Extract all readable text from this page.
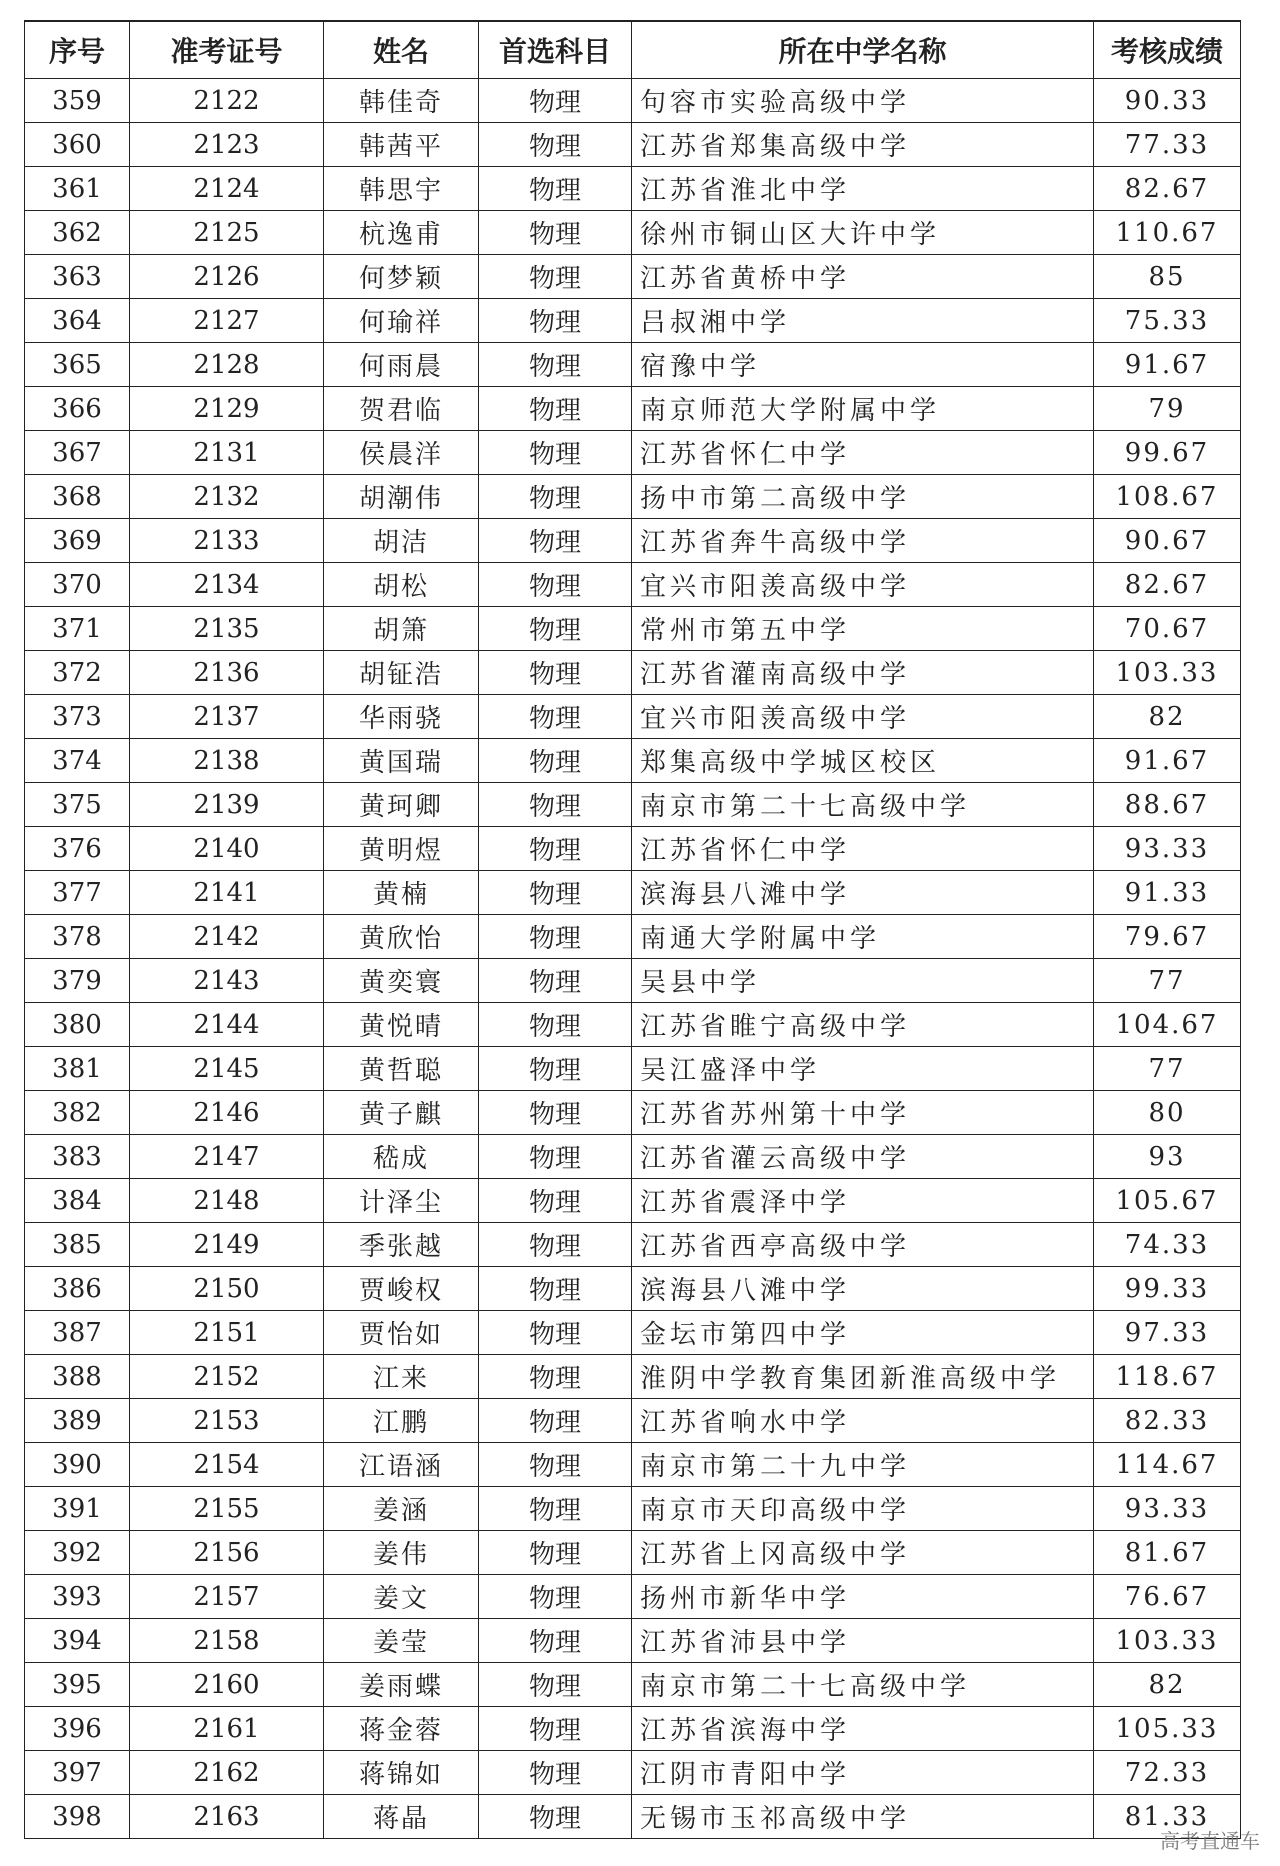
序号	准考证号	姓名	首选科目	所在中学名称	考核成绩
359	2122	韩佳奇	物理	句容市实验高级中学	90.33
360	2123	韩茜平	物理	江苏省郑集高级中学	77.33
361	2124	韩思宇	物理	江苏省淮北中学	82.67
362	2125	杭逸甫	物理	徐州市铜山区大许中学	110.67
363	2126	何梦颖	物理	江苏省黄桥中学	85
364	2127	何瑜祥	物理	吕叔湘中学	75.33
365	2128	何雨晨	物理	宿豫中学	91.67
366	2129	贺君临	物理	南京师范大学附属中学	79
367	2131	侯晨洋	物理	江苏省怀仁中学	99.67
368	2132	胡潮伟	物理	扬中市第二高级中学	108.67
369	2133	胡洁	物理	江苏省奔牛高级中学	90.67
370	2134	胡松	物理	宜兴市阳羡高级中学	82.67
371	2135	胡箫	物理	常州市第五中学	70.67
372	2136	胡钲浩	物理	江苏省灌南高级中学	103.33
373	2137	华雨骁	物理	宜兴市阳羡高级中学	82
374	2138	黄国瑞	物理	郑集高级中学城区校区	91.67
375	2139	黄珂卿	物理	南京市第二十七高级中学	88.67
376	2140	黄明煜	物理	江苏省怀仁中学	93.33
377	2141	黄楠	物理	滨海县八滩中学	91.33
378	2142	黄欣怡	物理	南通大学附属中学	79.67
379	2143	黄奕寰	物理	吴县中学	77
380	2144	黄悦晴	物理	江苏省睢宁高级中学	104.67
381	2145	黄哲聪	物理	吴江盛泽中学	77
382	2146	黄子麒	物理	江苏省苏州第十中学	80
383	2147	嵇成	物理	江苏省灌云高级中学	93
384	2148	计泽尘	物理	江苏省震泽中学	105.67
385	2149	季张越	物理	江苏省西亭高级中学	74.33
386	2150	贾峻权	物理	滨海县八滩中学	99.33
387	2151	贾怡如	物理	金坛市第四中学	97.33
388	2152	江来	物理	淮阴中学教育集团新淮高级中学	118.67
389	2153	江鹏	物理	江苏省响水中学	82.33
390	2154	江语涵	物理	南京市第二十九中学	114.67
391	2155	姜涵	物理	南京市天印高级中学	93.33
392	2156	姜伟	物理	江苏省上冈高级中学	81.67
393	2157	姜文	物理	扬州市新华中学	76.67
394	2158	姜莹	物理	江苏省沛县中学	103.33
395	2160	姜雨蝶	物理	南京市第二十七高级中学	82
396	2161	蒋金蓉	物理	江苏省滨海中学	105.33
397	2162	蒋锦如	物理	江阴市青阳中学	72.33
398	2163	蒋晶	物理	无锡市玉祁高级中学	81.33
高考直通车
